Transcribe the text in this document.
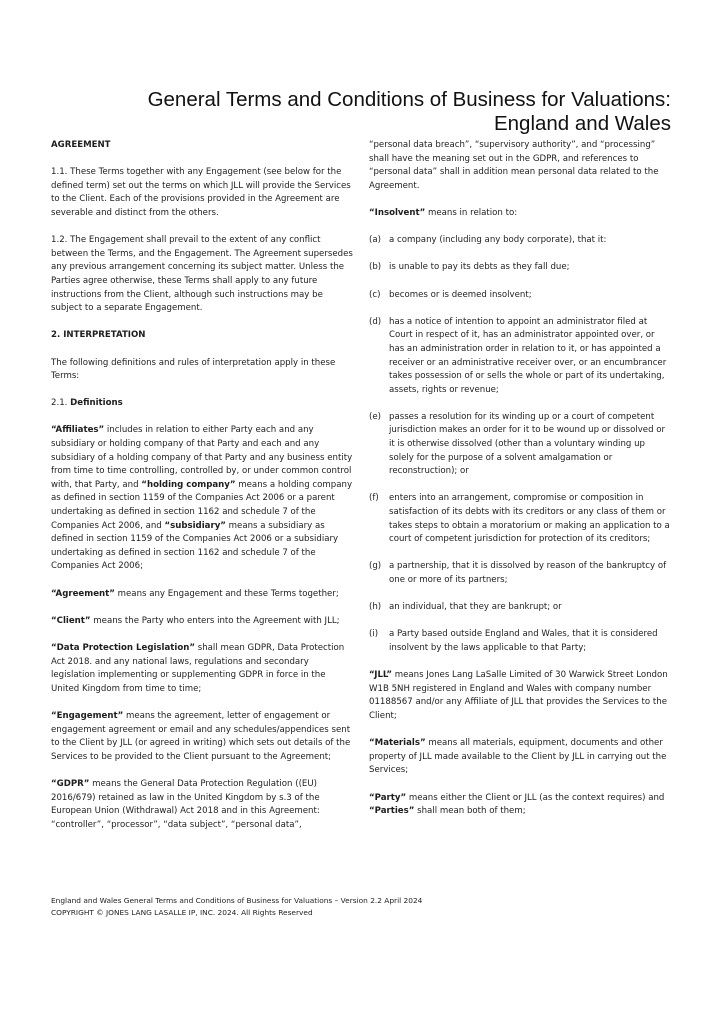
General Terms and Conditions of Business for Valuations:
England and Wales
AGREEMENT

1.1. These Terms together with any Engagement (see below for the defined term) set out the terms on which JLL will provide the Services to the Client. Each of the provisions provided in the Agreement are severable and distinct from the others.

1.2. The Engagement shall prevail to the extent of any conflict between the Terms, and the Engagement. The Agreement supersedes any previous arrangement concerning its subject matter. Unless the Parties agree otherwise, these Terms shall apply to any future instructions from the Client, although such instructions may be subject to a separate Engagement.

2. INTERPRETATION

The following definitions and rules of interpretation apply in these Terms:

2.1. Definitions

“Affiliates” includes in relation to either Party each and any subsidiary or holding company of that Party and each and any subsidiary of a holding company of that Party and any business entity from time to time controlling, controlled by, or under common control with, that Party, and “holding company” means a holding company as defined in section 1159 of the Companies Act 2006 or a parent undertaking as defined in section 1162 and schedule 7 of the Companies Act 2006, and “subsidiary” means a subsidiary as defined in section 1159 of the Companies Act 2006 or a subsidiary undertaking as defined in section 1162 and schedule 7 of the Companies Act 2006;

“Agreement” means any Engagement and these Terms together;

“Client” means the Party who enters into the Agreement with JLL;

“Data Protection Legislation” shall mean GDPR, Data Protection Act 2018. and any national laws, regulations and secondary legislation implementing or supplementing GDPR in force in the United Kingdom from time to time;

“Engagement” means the agreement, letter of engagement or engagement agreement or email and any schedules/appendices sent to the Client by JLL (or agreed in writing) which sets out details of the Services to be provided to the Client pursuant to the Agreement;

“GDPR” means the General Data Protection Regulation ((EU) 2016/679) retained as law in the United Kingdom by s.3 of the European Union (Withdrawal) Act 2018 and in this Agreement: “controller”, “processor”, “data subject”, “personal data”,

“personal data breach”, “supervisory authority”, and “processing” shall have the meaning set out in the GDPR, and references to “personal data” shall in addition mean personal data related to the Agreement.

“Insolvent” means in relation to:

(a) a company (including any body corporate), that it:
(b) is unable to pay its debts as they fall due;
(c) becomes or is deemed insolvent;
(d) has a notice of intention to appoint an administrator filed at Court in respect of it, has an administrator appointed over, or has an administration order in relation to it, or has appointed a receiver or an administrative receiver over, or an encumbrancer takes possession of or sells the whole or part of its undertaking, assets, rights or revenue;
(e) passes a resolution for its winding up or a court of competent jurisdiction makes an order for it to be wound up or dissolved or it is otherwise dissolved (other than a voluntary winding up solely for the purpose of a solvent amalgamation or reconstruction); or
(f)	enters into an arrangement, compromise or composition in satisfaction of its debts with its creditors or any class of them or takes steps to obtain a moratorium or making an application to a court of competent jurisdiction for protection of its creditors;
(g) a partnership, that it is dissolved by reason of the bankruptcy of one or more of its partners;
(h) an individual, that they are bankrupt; or
(i)	a Party based outside England and Wales, that it is considered insolvent by the laws applicable to that Party;

“JLL” means Jones Lang LaSalle Limited of 30 Warwick Street London W1B 5NH registered in England and Wales with company number 01188567 and/or any Affiliate of JLL that provides the Services to the Client;

“Materials” means all materials, equipment, documents and other property of JLL made available to the Client by JLL in carrying out the Services;

“Party” means either the Client or JLL (as the context requires) and “Parties” shall mean both of them;

England and Wales General Terms and Conditions of Business for Valuations – Version 2.2 April 2024
COPYRIGHT © JONES LANG LASALLE IP, INC. 2024. All Rights Reserved
